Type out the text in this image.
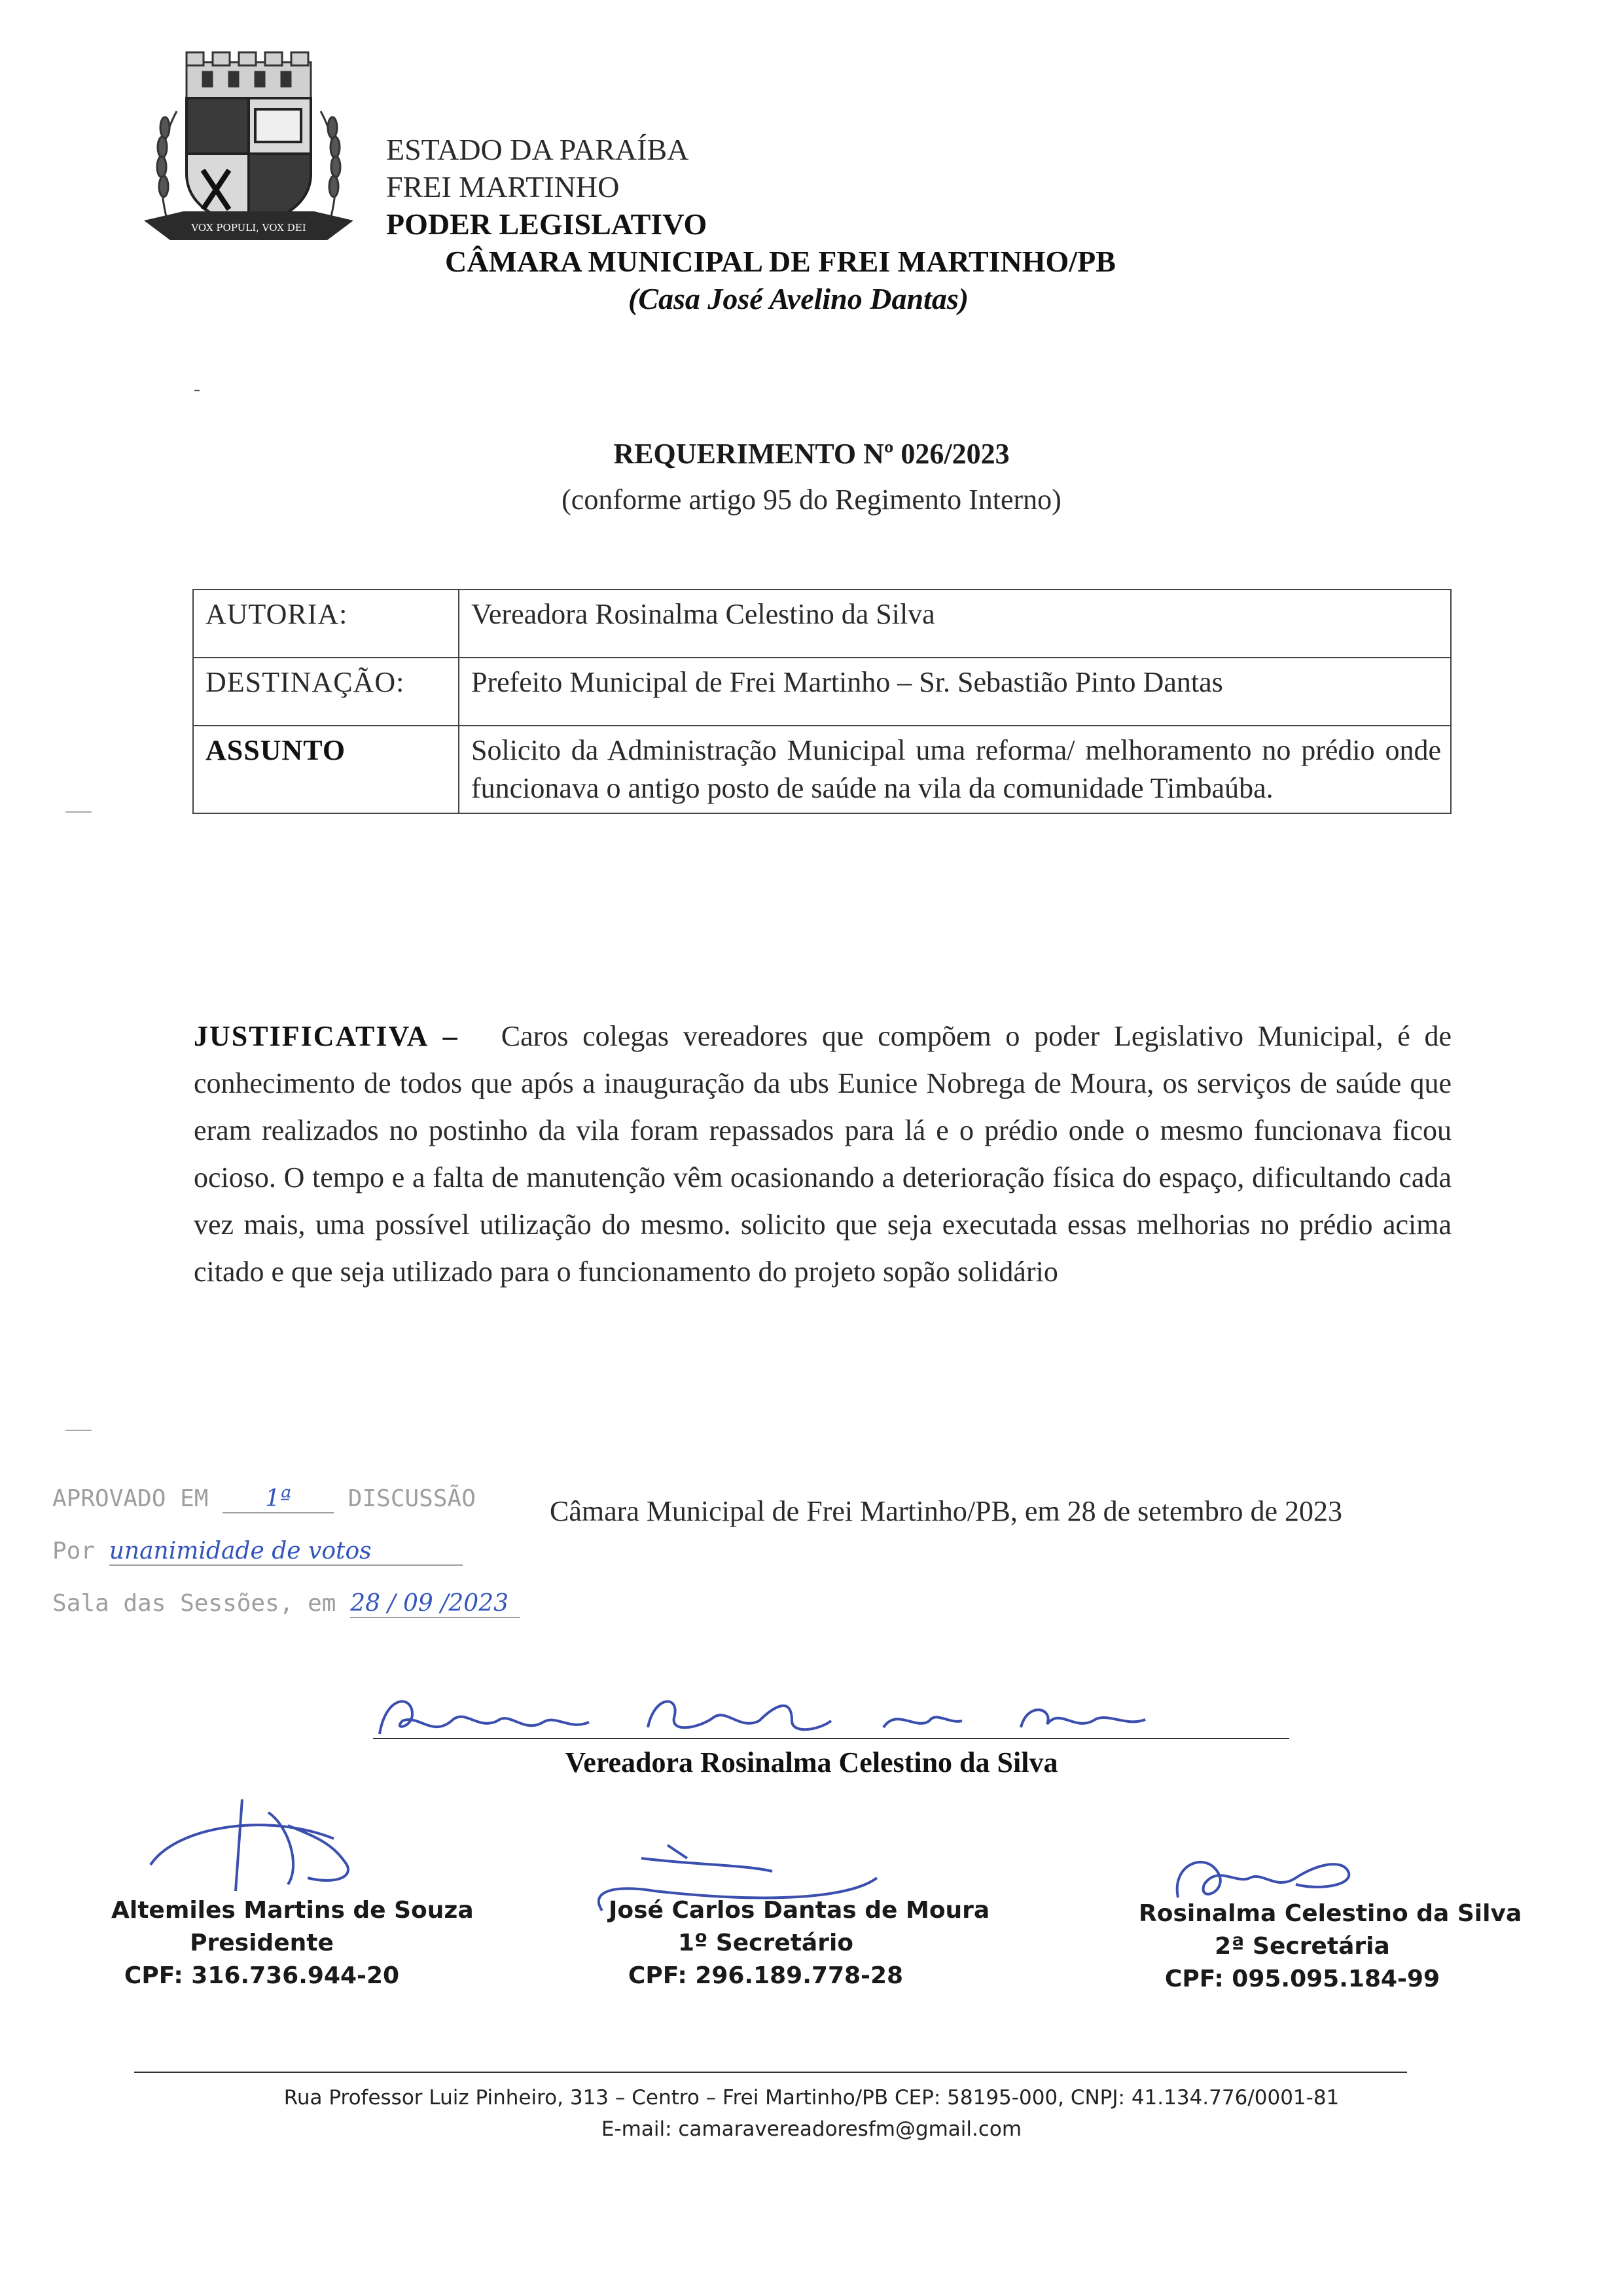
VOX POPULI, VOX DEI
ESTADO DA PARAÍBA
FREI MARTINHO
PODER LEGISLATIVO
CÂMARA MUNICIPAL DE FREI MARTINHO/PB
(Casa José Avelino Dantas)
-
REQUERIMENTO Nº 026/2023
(conforme artigo 95 do Regimento Interno)
AUTORIA:	Vereadora Rosinalma Celestino da Silva
DESTINAÇÃO:	Prefeito Municipal de Frei Martinho – Sr. Sebastião Pinto Dantas
ASSUNTO	Solicito da Administração Municipal uma reforma/ melhoramento no prédio onde funcionava o antigo posto de saúde na vila da comunidade Timbaúba.
JUSTIFICATIVA – Caros colegas vereadores que compõem o poder Legislativo Municipal, é de conhecimento de todos que após a inauguração da ubs Eunice Nobrega de Moura, os serviços de saúde que eram realizados no postinho da vila foram repassados para lá e o prédio onde o mesmo funcionava ficou ocioso. O tempo e a falta de manutenção vêm ocasionando a deterioração física do espaço, dificultando cada vez mais, uma possível utilização do mesmo. solicito que seja executada essas melhorias no prédio acima citado e que seja utilizado para o funcionamento do projeto sopão solidário
APROVADO EM 1ª DISCUSSÃO
Por unanimidade de votos
Sala das Sessões, em 28 / 09 /2023
Câmara Municipal de Frei Martinho/PB, em 28 de setembro de 2023
Vereadora Rosinalma Celestino da Silva
Altemiles Martins de Souza
Presidente
CPF: 316.736.944-20
José Carlos Dantas de Moura
1º Secretário
CPF: 296.189.778-28
Rosinalma Celestino da Silva
2ª Secretária
CPF: 095.095.184-99
Rua Professor Luiz Pinheiro, 313 – Centro – Frei Martinho/PB CEP: 58195-000, CNPJ: 41.134.776/0001-81
E-mail: camaravereadoresfm@gmail.com
